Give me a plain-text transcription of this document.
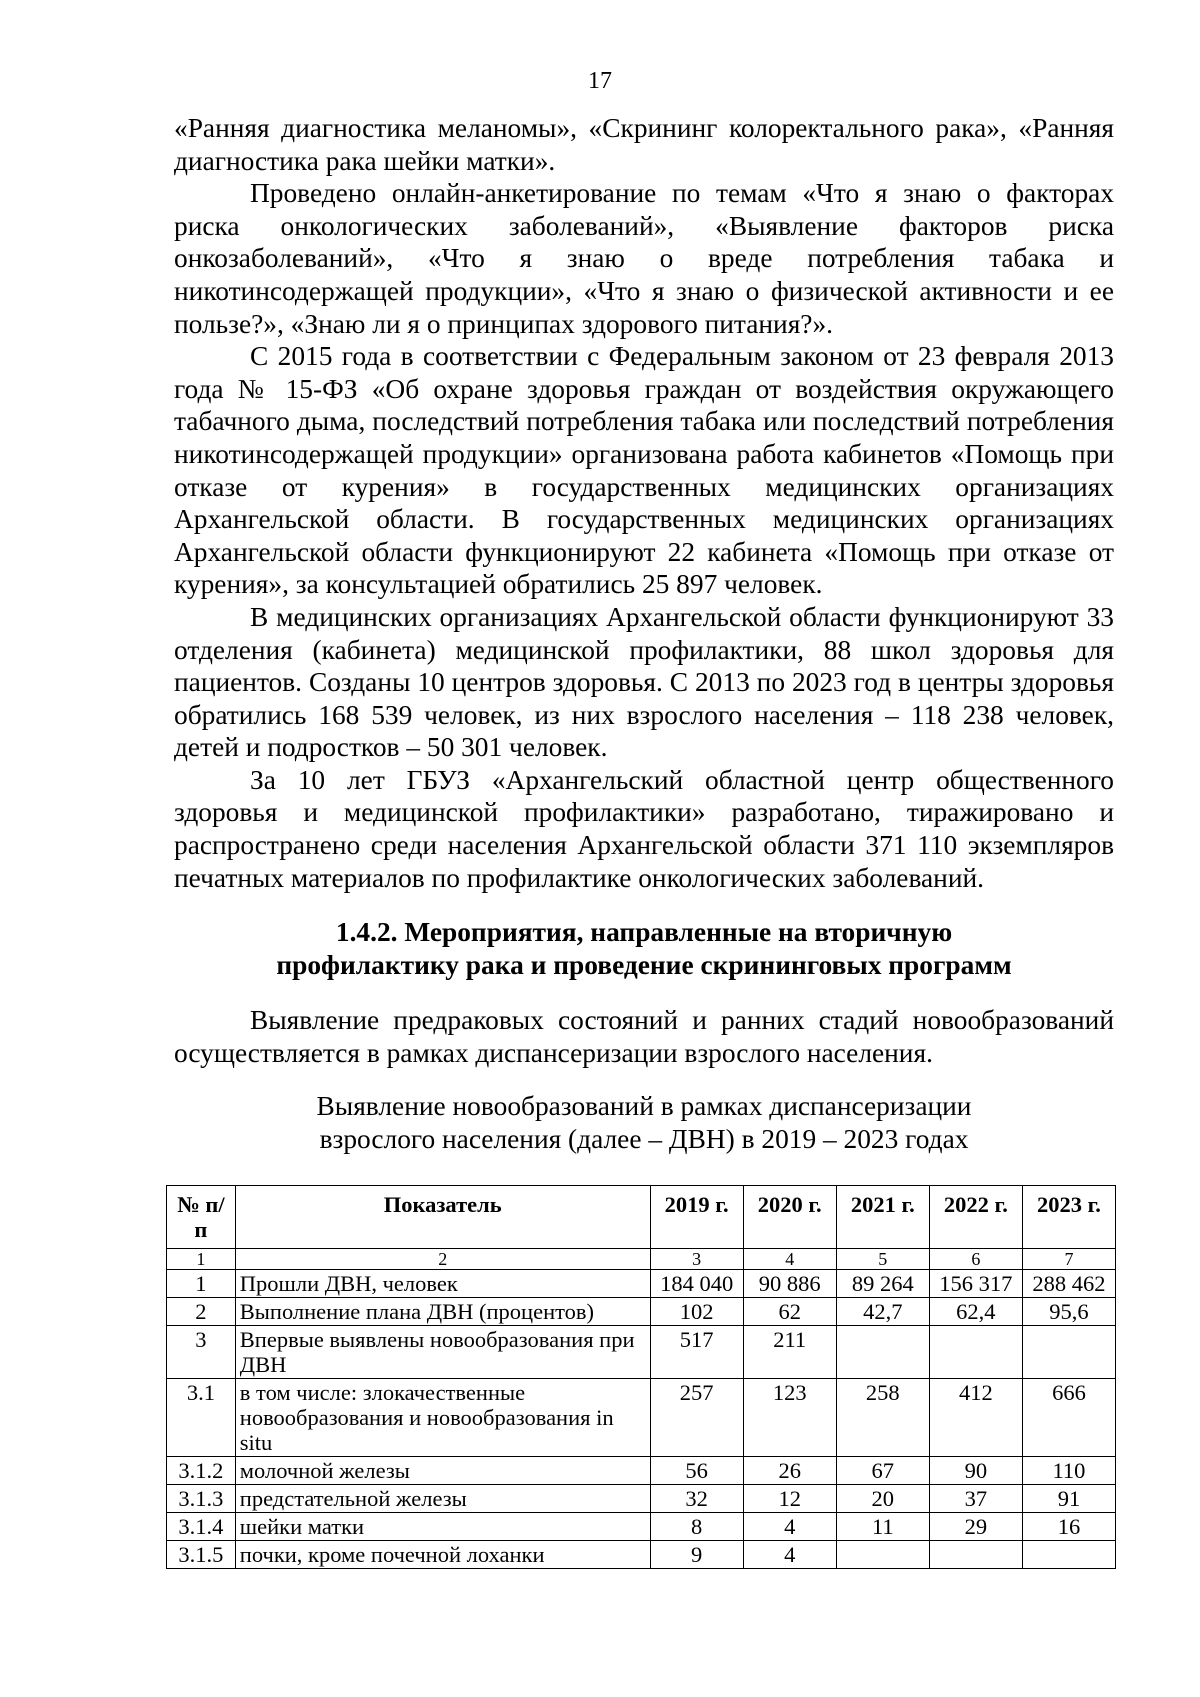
17

«Ранняя диагностика меланомы», «Скрининг колоректального рака», «Ранняя диагностика рака шейки матки».

Проведено онлайн-анкетирование по темам «Что я знаю о факторах риска онкологических заболеваний», «Выявление факторов риска онкозаболеваний», «Что я знаю о вреде потребления табака и никотинсодержащей продукции», «Что я знаю о физической активности и ее пользе?», «Знаю ли я о принципах здорового питания?».

С 2015 года в соответствии с Федеральным законом от 23 февраля 2013 года № 15-ФЗ «Об охране здоровья граждан от воздействия окружающего табачного дыма, последствий потребления табака или последствий потребления никотинсодержащей продукции» организована работа кабинетов «Помощь при отказе от курения» в государственных медицинских организациях Архангельской области. В государственных медицинских организациях Архангельской области функционируют 22 кабинета «Помощь при отказе от курения», за консультацией обратились 25 897 человек.

В медицинских организациях Архангельской области функционируют 33 отделения (кабинета) медицинской профилактики, 88 школ здоровья для пациентов. Созданы 10 центров здоровья. С 2013 по 2023 год в центры здоровья обратились 168 539 человек, из них взрослого населения – 118 238 человек, детей и подростков – 50 301 человек.

За 10 лет ГБУЗ «Архангельский областной центр общественного здоровья и медицинской профилактики» разработано, тиражировано и распространено среди населения Архангельской области 371 110 экземпляров печатных материалов по профилактике онкологических заболеваний.

1.4.2. Мероприятия, направленные на вторичную
профилактику рака и проведение скрининговых программ

Выявление предраковых состояний и ранних стадий новообразований осуществляется в рамках диспансеризации взрослого населения.

Выявление новообразований в рамках диспансеризации
взрослого населения (далее – ДВН) в 2019 – 2023 годах
№ п/п	Показатель	2019 г.	2020 г.	2021 г.	2022 г.	2023 г.
1	2	3	4	5	6	7
1	Прошли ДВН, человек	184 040	90 886	89 264	156 317	288 462
2	Выполнение плана ДВН (процентов)	102	62	42,7	62,4	95,6
3	Впервые выявлены новообразования при ДВН	517	211			
3.1	в том числе: злокачественные новообразования и новообразования in situ	257	123	258	412	666
3.1.2	молочной железы	56	26	67	90	110
3.1.3	предстательной железы	32	12	20	37	91
3.1.4	шейки матки	8	4	11	29	16
3.1.5	почки, кроме почечной лоханки	9	4			
